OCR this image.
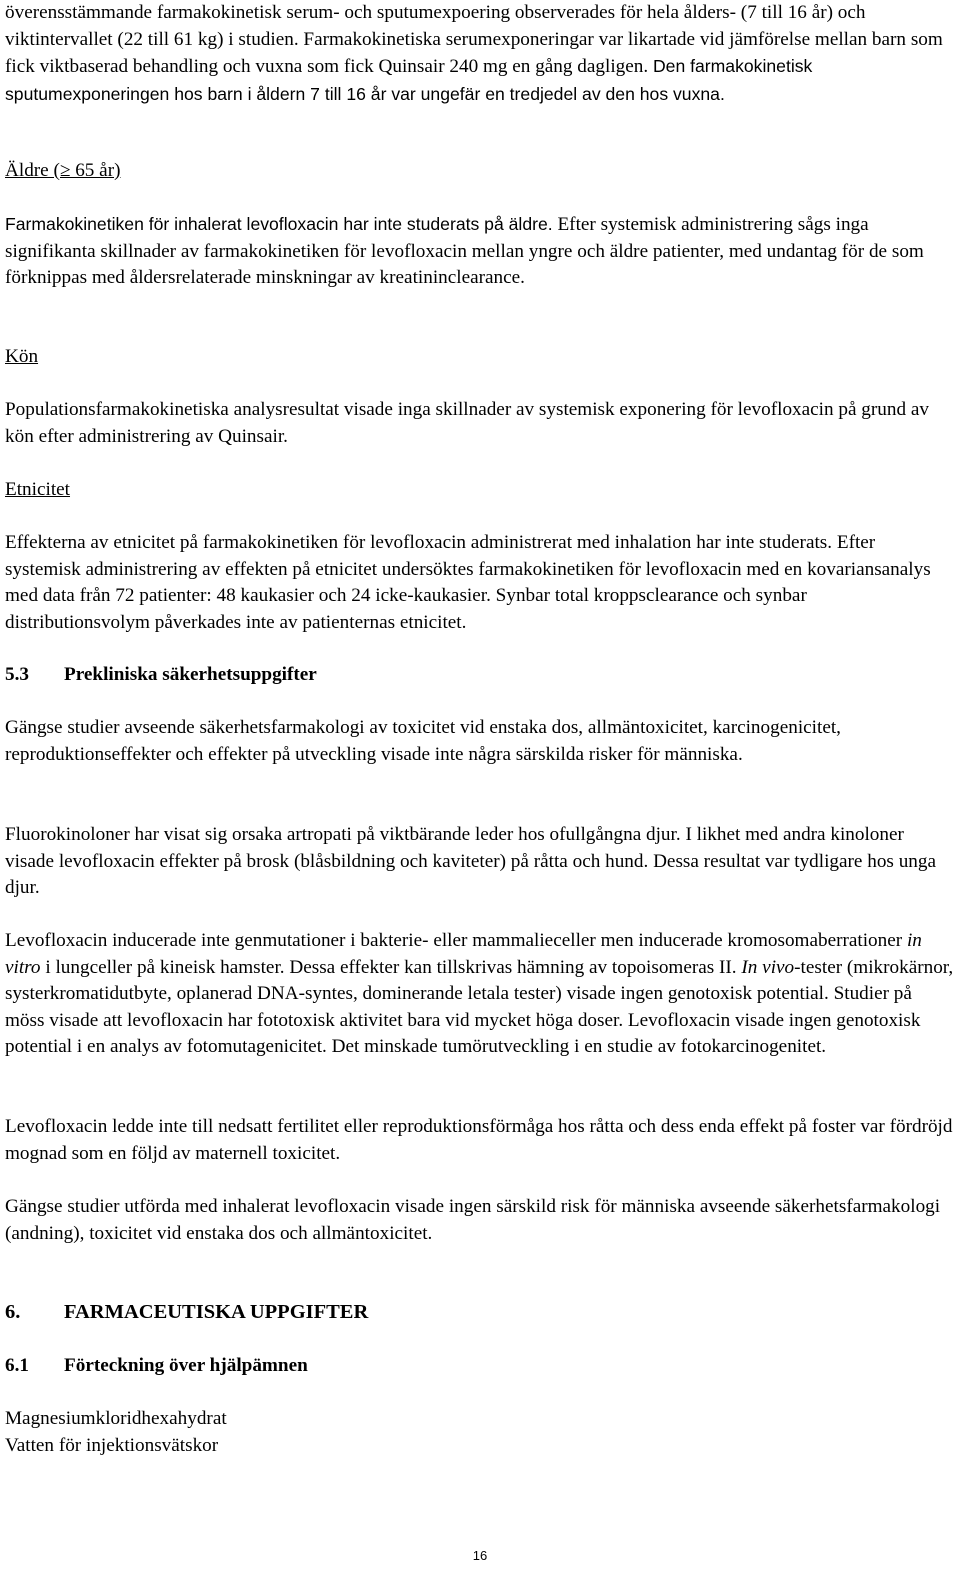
överensstämmande farmakokinetisk serum- och sputumexpoering observerades för hela ålders- (7 till 16 år) och viktintervallet (22 till 61 kg) i studien. Farmakokinetiska serumexponeringar var likartade vid jämförelse mellan barn som fick viktbaserad behandling och vuxna som fick Quinsair 240 mg en gång dagligen. Den farmakokinetisk sputumexponeringen hos barn i åldern 7 till 16 år var ungefär en tredjedel av den hos vuxna.

Äldre (≥ 65 år)

Farmakokinetiken för inhalerat levofloxacin har inte studerats på äldre. Efter systemisk administrering sågs inga signifikanta skillnader av farmakokinetiken för levofloxacin mellan yngre och äldre patienter, med undantag för de som förknippas med åldersrelaterade minskningar av kreatininclearance.

Kön

Populationsfarmakokinetiska analysresultat visade inga skillnader av systemisk exponering för levofloxacin på grund av kön efter administrering av Quinsair.

Etnicitet

Effekterna av etnicitet på farmakokinetiken för levofloxacin administrerat med inhalation har inte studerats. Efter systemisk administrering av effekten på etnicitet undersöktes farmakokinetiken för levofloxacin med en kovariansanalys med data från 72 patienter: 48 kaukasier och 24 icke-kaukasier. Synbar total kroppsclearance och synbar distributionsvolym påverkades inte av patienternas etnicitet.

5.3	Prekliniska säkerhetsuppgifter

Gängse studier avseende säkerhetsfarmakologi av toxicitet vid enstaka dos, allmäntoxicitet, karcinogenicitet, reproduktionseffekter och effekter på utveckling visade inte några särskilda risker för människa.

Fluorokinoloner har visat sig orsaka artropati på viktbärande leder hos ofullgångna djur. I likhet med andra kinoloner visade levofloxacin effekter på brosk (blåsbildning och kaviteter) på råtta och hund. Dessa resultat var tydligare hos unga djur.

Levofloxacin inducerade inte genmutationer i bakterie- eller mammalieceller men inducerade kromosomaberrationer in vitro i lungceller på kineisk hamster. Dessa effekter kan tillskrivas hämning av topoisomeras II. In vivo-tester (mikrokärnor, systerkromatidutbyte, oplanerad DNA-syntes, dominerande letala tester) visade ingen genotoxisk potential. Studier på möss visade att levofloxacin har fototoxisk aktivitet bara vid mycket höga doser. Levofloxacin visade ingen genotoxisk potential i en analys av fotomutagenicitet. Det minskade tumörutveckling i en studie av fotokarcinogenitet.

Levofloxacin ledde inte till nedsatt fertilitet eller reproduktionsförmåga hos råtta och dess enda effekt på foster var fördröjd mognad som en följd av maternell toxicitet.

Gängse studier utförda med inhalerat levofloxacin visade ingen särskild risk för människa avseende säkerhetsfarmakologi (andning), toxicitet vid enstaka dos och allmäntoxicitet.

6.	FARMACEUTISKA UPPGIFTER
6.1	Förteckning över hjälpämnen
Magnesiumkloridhexahydrat
Vatten för injektionsvätskor
16
